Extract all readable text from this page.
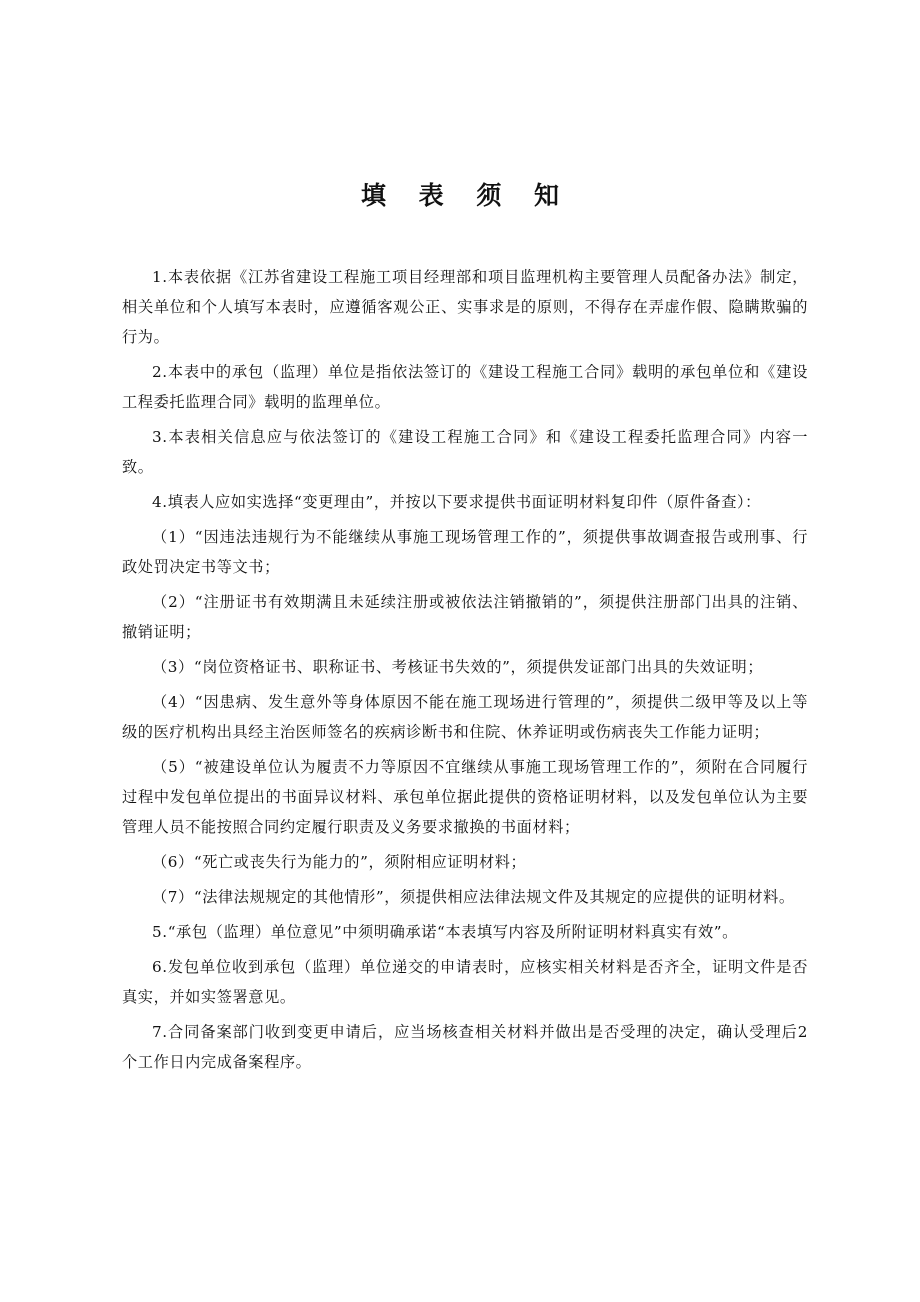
填 表 须 知

1.本表依据《江苏省建设工程施工项目经理部和项目监理机构主要管理人员配备办法》制定，相关单位和个人填写本表时，应遵循客观公正、实事求是的原则，不得存在弄虚作假、隐瞒欺骗的行为。

2.本表中的承包（监理）单位是指依法签订的《建设工程施工合同》载明的承包单位和《建设工程委托监理合同》载明的监理单位。

3.本表相关信息应与依法签订的《建设工程施工合同》和《建设工程委托监理合同》内容一致。

4.填表人应如实选择“变更理由”，并按以下要求提供书面证明材料复印件（原件备查）：

（1）“因违法违规行为不能继续从事施工现场管理工作的”，须提供事故调查报告或刑事、行政处罚决定书等文书；

（2）“注册证书有效期满且未延续注册或被依法注销撤销的”，须提供注册部门出具的注销、撤销证明；

（3）“岗位资格证书、职称证书、考核证书失效的”，须提供发证部门出具的失效证明；

（4）“因患病、发生意外等身体原因不能在施工现场进行管理的”，须提供二级甲等及以上等级的医疗机构出具经主治医师签名的疾病诊断书和住院、休养证明或伤病丧失工作能力证明；

（5）“被建设单位认为履责不力等原因不宜继续从事施工现场管理工作的”，须附在合同履行过程中发包单位提出的书面异议材料、承包单位据此提供的资格证明材料，以及发包单位认为主要管理人员不能按照合同约定履行职责及义务要求撤换的书面材料；

（6）“死亡或丧失行为能力的”，须附相应证明材料；

（7）“法律法规规定的其他情形”，须提供相应法律法规文件及其规定的应提供的证明材料。

5.“承包（监理）单位意见”中须明确承诺“本表填写内容及所附证明材料真实有效”。

6.发包单位收到承包（监理）单位递交的申请表时，应核实相关材料是否齐全，证明文件是否真实，并如实签署意见。

7.合同备案部门收到变更申请后，应当场核查相关材料并做出是否受理的决定，确认受理后2个工作日内完成备案程序。
